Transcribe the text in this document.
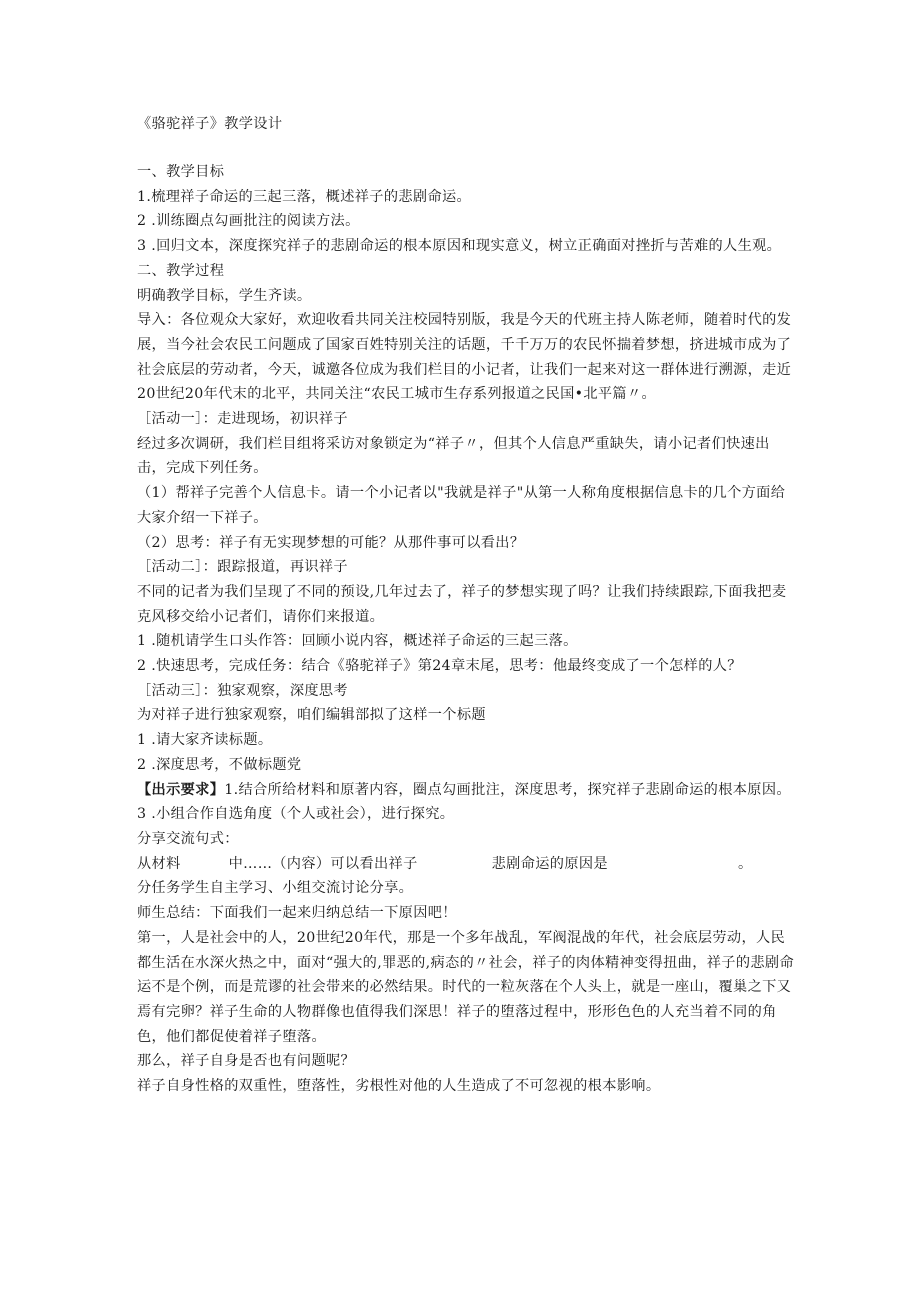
《骆驼祥子》教学设计

一、教学目标

1.梳理祥子命运的三起三落，概述祥子的悲剧命运。

2 .训练圈点勾画批注的阅读方法。

3 .回归文本，深度探究祥子的悲剧命运的根本原因和现实意义，树立正确面对挫折与苦难的人生观。

二、教学过程

明确教学目标，学生齐读。

导入：各位观众大家好，欢迎收看共同关注校园特别版，我是今天的代班主持人陈老师，随着时代的发展，当今社会农民工问题成了国家百姓特别关注的话题，千千万万的农民怀揣着梦想，挤进城市成为了社会底层的劳动者，今天，诚邀各位成为我们栏目的小记者，让我们一起来对这一群体进行溯源，走近20世纪20年代末的北平，共同关注“农民工城市生存系列报道之民国•北平篇〃。

［活动一］：走进现场，初识祥子

经过多次调研，我们栏目组将采访对象锁定为“祥子〃，但其个人信息严重缺失，请小记者们快速出击，完成下列任务。

（1）帮祥子完善个人信息卡。请一个小记者以"我就是祥子"从第一人称角度根据信息卡的几个方面给大家介绍一下祥子。

（2）思考：祥子有无实现梦想的可能？从那件事可以看出？

［活动二］：跟踪报道，再识祥子

不同的记者为我们呈现了不同的预设,几年过去了，祥子的梦想实现了吗？让我们持续跟踪,下面我把麦克风移交给小记者们，请你们来报道。

1 .随机请学生口头作答：回顾小说内容，概述祥子命运的三起三落。

2 .快速思考，完成任务：结合《骆驼祥子》第24章末尾，思考：他最终变成了一个怎样的人？

［活动三］：独家观察，深度思考

为对祥子进行独家观察，咱们编辑部拟了这样一个标题

1 .请大家齐读标题。

2 .深度思考，不做标题党

【出示要求】1.结合所给材料和原著内容，圈点勾画批注，深度思考，探究祥子悲剧命运的根本原因。

3 .小组合作自选角度（个人或社会），进行探究。

分享交流句式：

从材料	中……（内容）可以看出祥子	悲剧命运的原因是	。

分任务学生自主学习、小组交流讨论分享。

师生总结：下面我们一起来归纳总结一下原因吧！

第一，人是社会中的人，20世纪20年代，那是一个多年战乱，军阀混战的年代，社会底层劳动，人民都生活在水深火热之中，面对“强大的,罪恶的,病态的〃社会，祥子的肉体精神变得扭曲，祥子的悲剧命运不是个例，而是荒谬的社会带来的必然结果。时代的一粒灰落在个人头上，就是一座山，覆巢之下又焉有完卵？祥子生命的人物群像也值得我们深思！祥子的堕落过程中，形形色色的人充当着不同的角色，他们都促使着祥子堕落。

那么，祥子自身是否也有问题呢？

祥子自身性格的双重性，堕落性，劣根性对他的人生造成了不可忽视的根本影响。
